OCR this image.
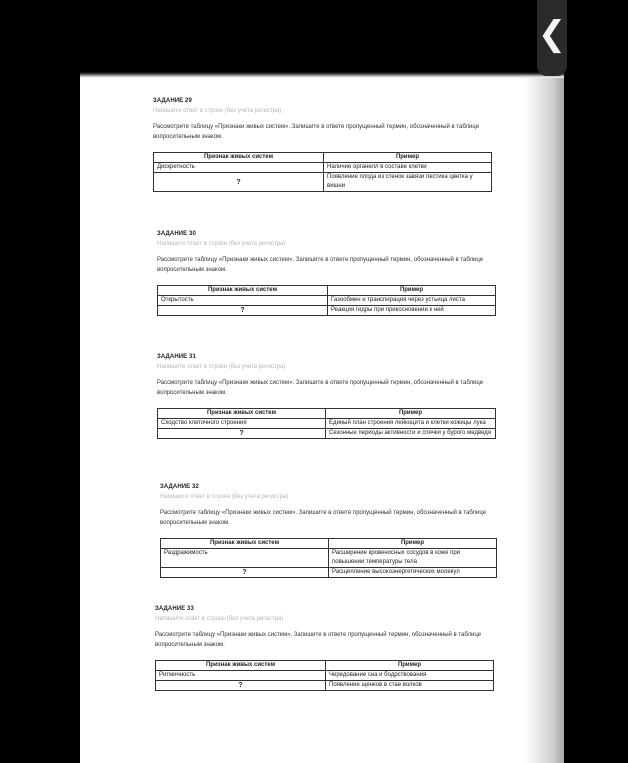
ЗАДАНИЕ 29
Напишите ответ в строке (без учета регистра)
Рассмотрите таблицу «Признаки живых систем». Запишите в ответе пропущенный термин, обозначенный в таблице вопросительным знаком.
Признак живых систем	Пример
Дискретность	Наличие органелл в составе клетки
?	Появление плода из стенок завязи пестика цветка у вишни
ЗАДАНИЕ 30
Напишите ответ в строке (без учета регистра)
Рассмотрите таблицу «Признаки живых систем». Запишите в ответе пропущенный термин, обозначенный в таблице вопросительным знаком.
Признак живых систем	Пример
Открытость	Газообмен и транспирация через устьица листа
?	Реакция гидры при прикосновении к ней
ЗАДАНИЕ 31
Напишите ответ в строке (без учета регистра)
Рассмотрите таблицу «Признаки живых систем». Запишите в ответе пропущенный термин, обозначенный в таблице вопросительным знаком.
Признак живых систем	Пример
Сходство клеточного строения	Единый план строения лейкоцита и клетки кожицы лука
?	Сезонные периоды активности и спячки у бурого медведя
ЗАДАНИЕ 32
Напишите ответ в строке (без учета регистра)
Рассмотрите таблицу «Признаки живых систем». Запишите в ответе пропущенный термин, обозначенный в таблице вопросительным знаком.
Признак живых систем	Пример
Раздражимость	Расширение кровеносных сосудов в коже при повышении температуры тела
?	Расщепление высокоэнергетических молекул
ЗАДАНИЕ 33
Напишите ответ в строке (без учета регистра)
Рассмотрите таблицу «Признаки живых систем». Запишите в ответе пропущенный термин, обозначенный в таблице вопросительным знаком.
Признак живых систем	Пример
Ритмичность	Чередование сна и бодрствования
?	Появление щенков в стае волков
❮
